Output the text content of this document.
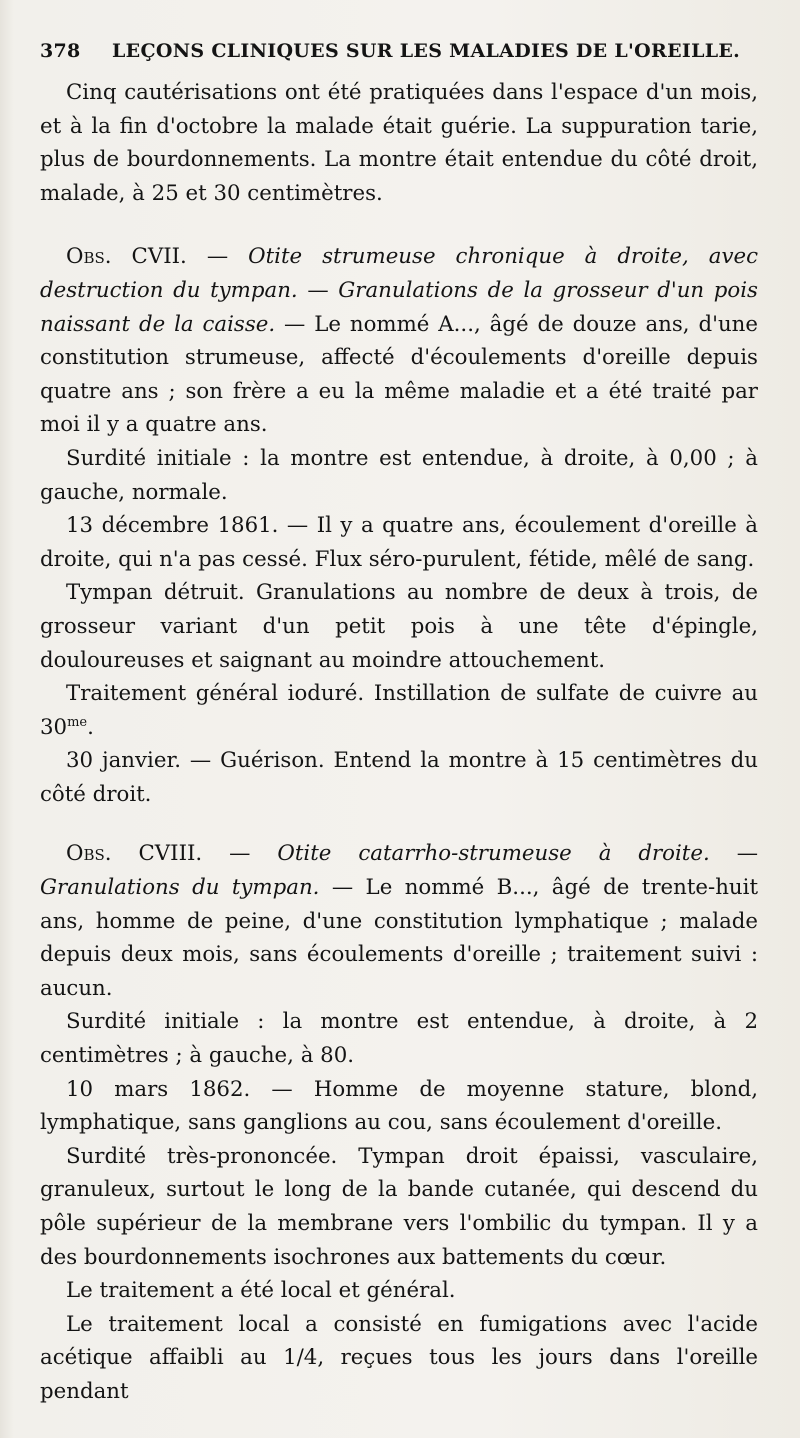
378 LEÇONS CLINIQUES SUR LES MALADIES DE L'OREILLE.

Cinq cautérisations ont été pratiquées dans l'espace d'un mois, et à la fin d'octobre la malade était guérie. La suppuration tarie, plus de bourdonnements. La montre était entendue du côté droit, malade, à 25 et 30 centimètres.

Obs. CVII. — Otite strumeuse chronique à droite, avec destruction du tympan. — Granulations de la grosseur d'un pois naissant de la caisse. — Le nommé A..., âgé de douze ans, d'une constitution strumeuse, affecté d'écoulements d'oreille depuis quatre ans ; son frère a eu la même maladie et a été traité par moi il y a quatre ans.

Surdité initiale : la montre est entendue, à droite, à 0,00 ; à gauche, normale.

13 décembre 1861. — Il y a quatre ans, écoulement d'oreille à droite, qui n'a pas cessé. Flux séro-purulent, fétide, mêlé de sang.

Tympan détruit. Granulations au nombre de deux à trois, de grosseur variant d'un petit pois à une tête d'épingle, douloureuses et saignant au moindre attouchement.

Traitement général ioduré. Instillation de sulfate de cuivre au $30^{me}$.

30 janvier. — Guérison. Entend la montre à 15 centimètres du côté droit.

Obs. CVIII. — Otite catarrho-strumeuse à droite. — Granulations du tympan. — Le nommé B..., âgé de trente-huit ans, homme de peine, d'une constitution lymphatique ; malade depuis deux mois, sans écoulements d'oreille ; traitement suivi : aucun.

Surdité initiale : la montre est entendue, à droite, à 2 centimètres ; à gauche, à 80.

10 mars 1862. — Homme de moyenne stature, blond, lymphatique, sans ganglions au cou, sans écoulement d'oreille.

Surdité très-prononcée. Tympan droit épaissi, vasculaire, granuleux, surtout le long de la bande cutanée, qui descend du pôle supérieur de la membrane vers l'ombilic du tympan. Il y a des bourdonnements isochrones aux battements du cœur.

Le traitement a été local et général.

Le traitement local a consisté en fumigations avec l'acide acétique affaibli au 1/4, reçues tous les jours dans l'oreille pendant
